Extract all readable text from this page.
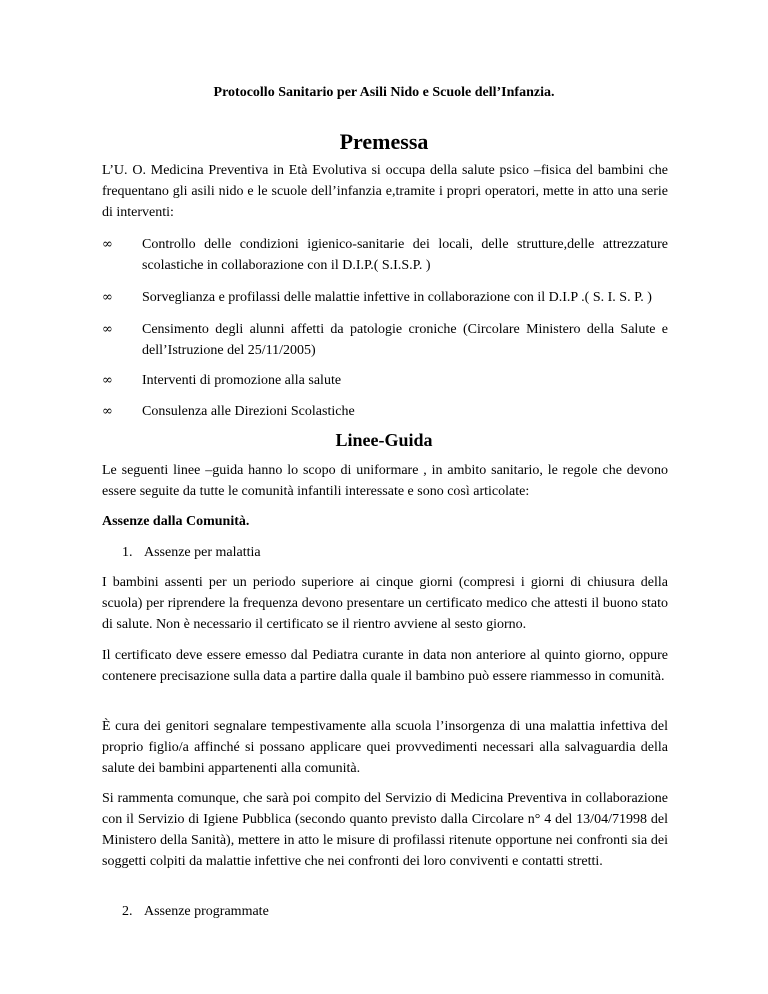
Protocollo Sanitario per Asili Nido e Scuole dell’Infanzia.
Premessa

L’U. O. Medicina Preventiva in Età Evolutiva si occupa della salute psico –fisica del bambini che frequentano gli asili nido e le scuole dell’infanzia e,tramite i propri operatori, mette in atto una serie di interventi:

∞	Controllo delle condizioni igienico-sanitarie dei locali, delle strutture,delle attrezzature scolastiche in collaborazione con il D.I.P.( S.I.S.P. )
∞	Sorveglianza e profilassi delle malattie infettive in collaborazione con il D.I.P .( S. I. S. P. )
∞	Censimento degli alunni affetti da patologie croniche (Circolare Ministero della Salute e dell’Istruzione del 25/11/2005)
∞	Interventi di promozione alla salute
∞	Consulenza alle Direzioni Scolastiche
Linee-Guida

Le seguenti linee –guida hanno lo scopo di uniformare , in ambito sanitario, le regole che devono essere seguite da tutte le comunità infantili interessate e sono così articolate:

Assenze dalla Comunità.

1. Assenze per malattia

I bambini assenti per un periodo superiore ai cinque giorni (compresi i giorni di chiusura della scuola) per riprendere la frequenza devono presentare un certificato medico che attesti il buono stato di salute. Non è necessario il certificato se il rientro avviene al sesto giorno.

Il certificato deve essere emesso dal Pediatra curante in data non anteriore al quinto giorno, oppure contenere precisazione sulla data a partire dalla quale il bambino può essere riammesso in comunità.

È cura dei genitori segnalare tempestivamente alla scuola l’insorgenza di una malattia infettiva del proprio figlio/a affinché si possano applicare quei provvedimenti necessari alla salvaguardia della salute dei bambini appartenenti alla comunità.

Si rammenta comunque, che sarà poi compito del Servizio di Medicina Preventiva in collaborazione con il Servizio di Igiene Pubblica (secondo quanto previsto dalla Circolare n° 4 del 13/04/71998 del Ministero della Sanità), mettere in atto le misure di profilassi ritenute opportune nei confronti sia dei soggetti colpiti da malattie infettive che nei confronti dei loro conviventi e contatti stretti.

2. Assenze programmate
